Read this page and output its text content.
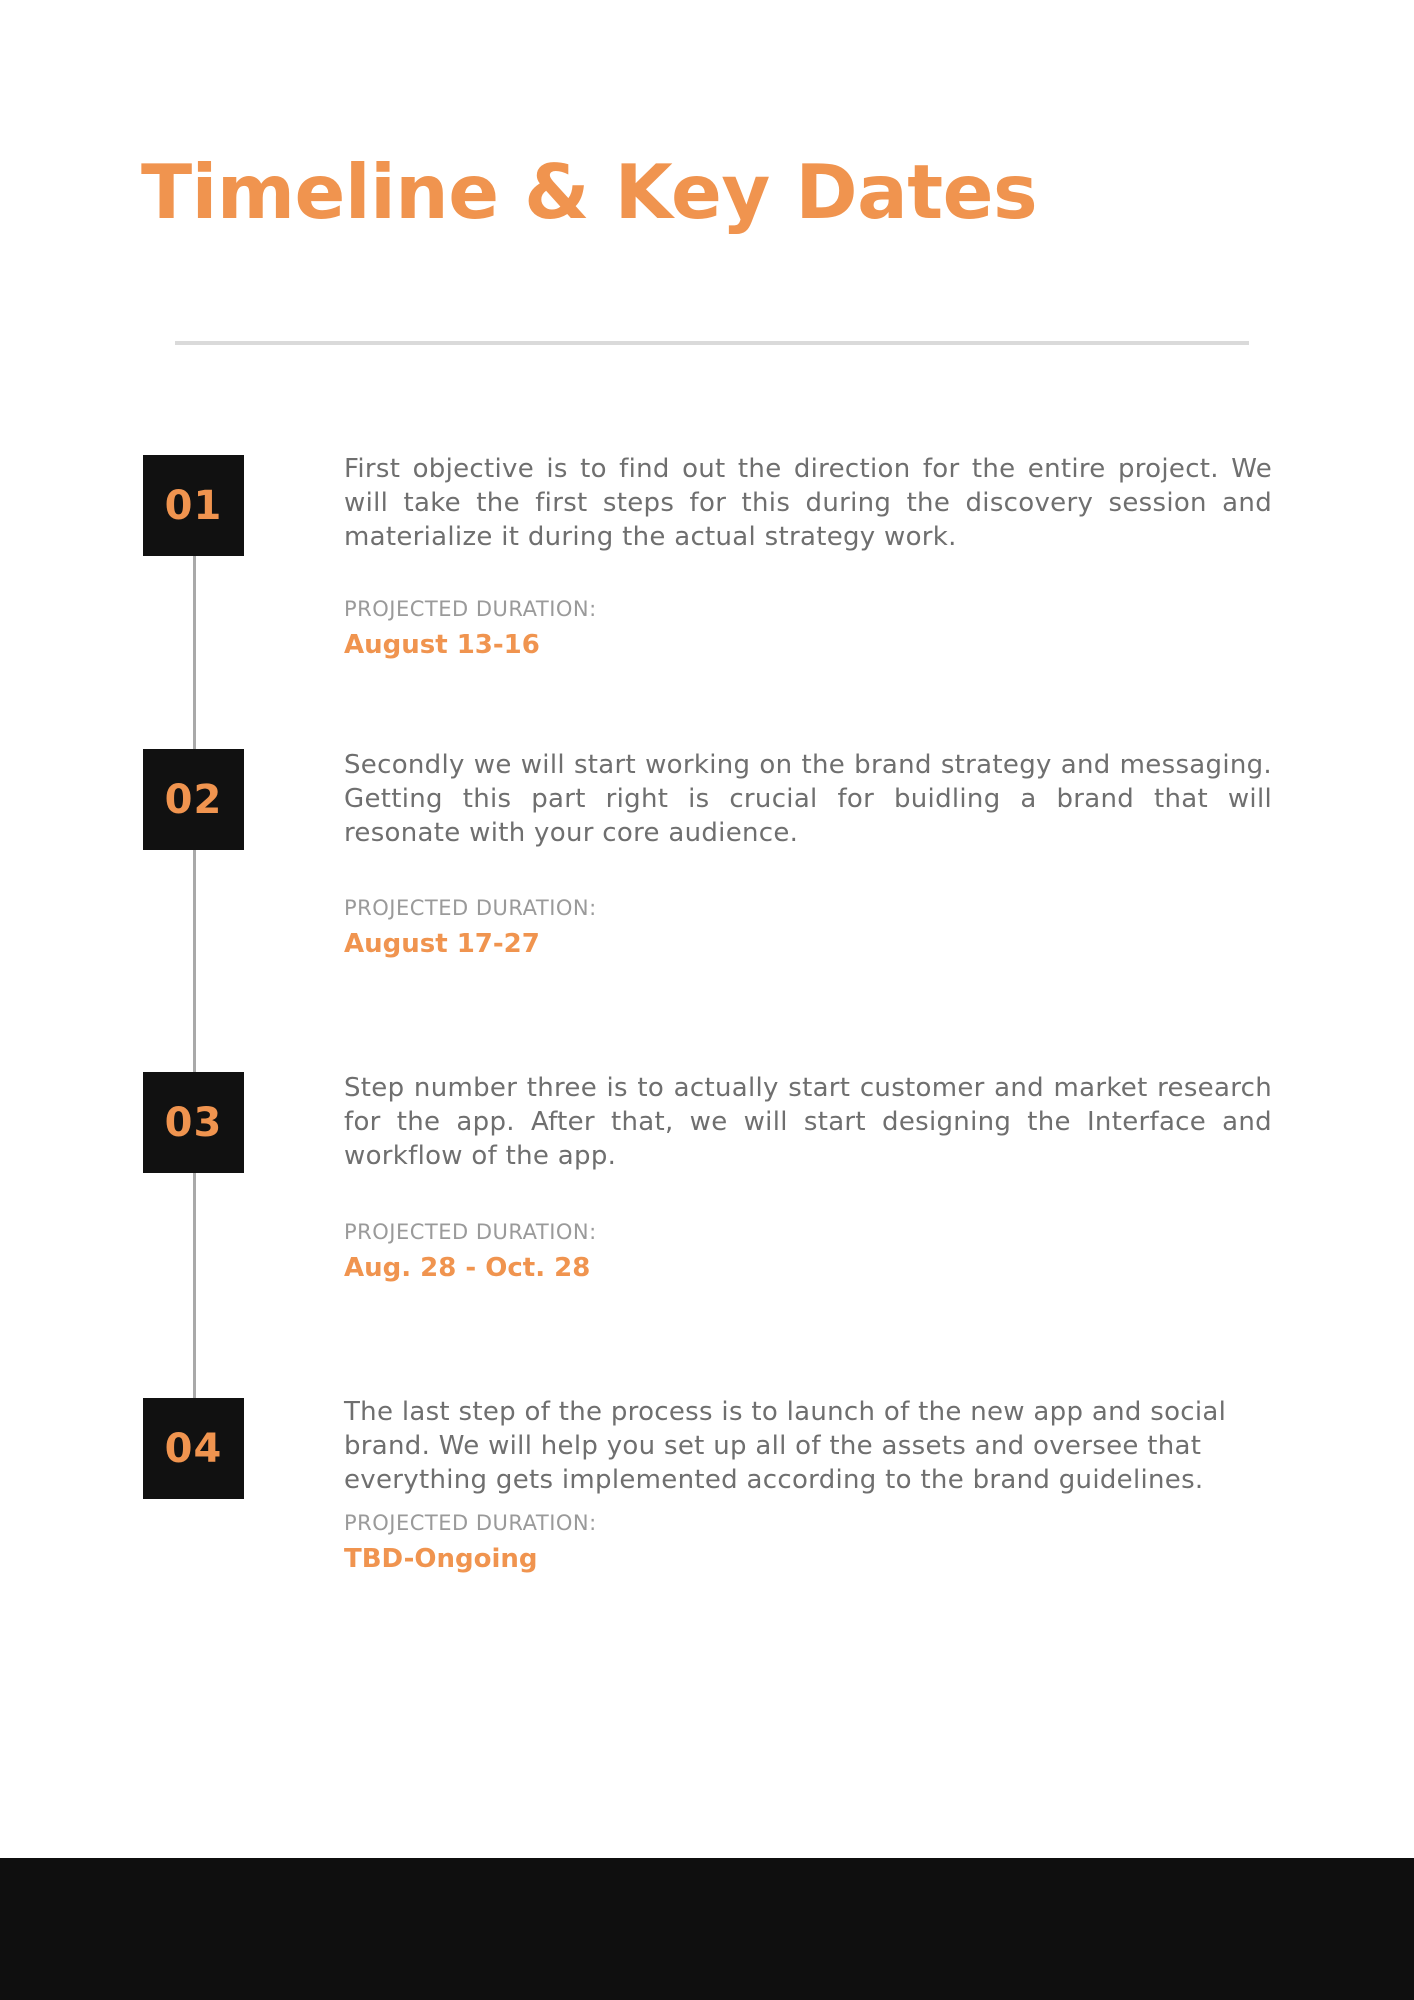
Timeline & Key Dates
01

First objective is to find out the direction for the entire project. We will take the first steps for this during the discovery session and materialize it during the actual strategy work.

PROJECTED DURATION:
August 13-16
02

Secondly we will start working on the brand strategy and messaging. Getting this part right is crucial for buidling a brand that will resonate with your core audience.

PROJECTED DURATION:
August 17-27
03

Step number three is to actually start customer and market research for the app. After that, we will start designing the Interface and workflow of the app.

PROJECTED DURATION:
Aug. 28 - Oct. 28
04

The last step of the process is to launch of the new app and social brand. We will help you set up all of the assets and oversee that everything gets implemented according to the brand guidelines.

PROJECTED DURATION:
TBD-Ongoing
